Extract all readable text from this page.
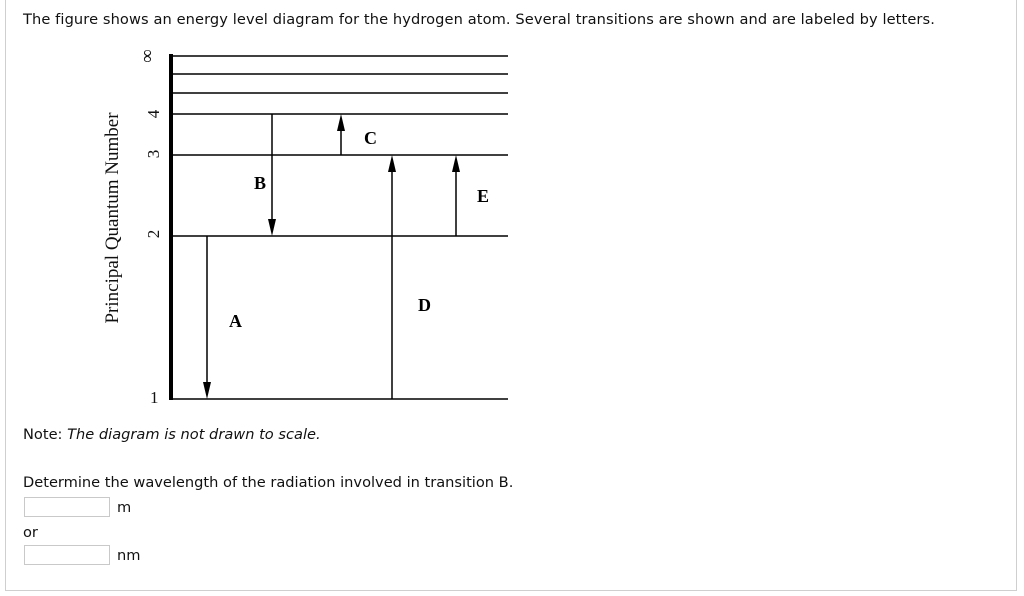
The figure shows an energy level diagram for the hydrogen atom. Several transitions are shown and are labeled by letters.
Principal Quantum Number
∞
4
3
2
1
A
B
C
D
E
Note: The diagram is not drawn to scale.
Determine the wavelength of the radiation involved in transition B.
m
or
nm
